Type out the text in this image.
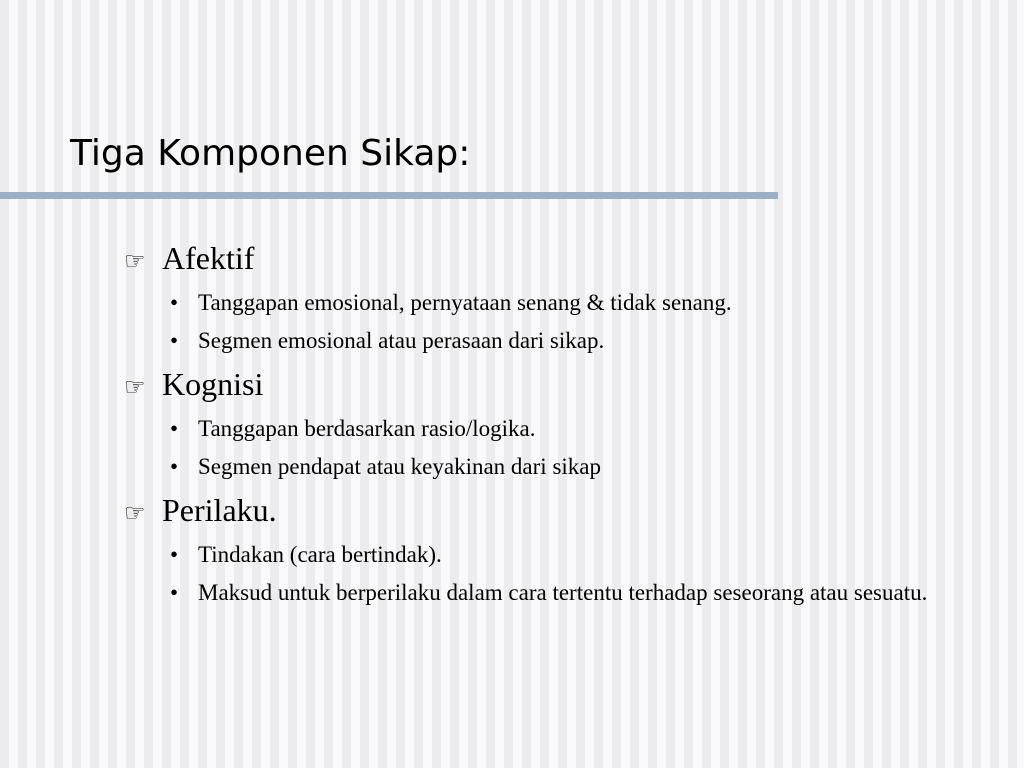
Tiga Komponen Sikap:
☞ Afektif
• Tanggapan emosional, pernyataan senang & tidak senang.
• Segmen emosional atau perasaan dari sikap.
☞ Kognisi
• Tanggapan berdasarkan rasio/logika.
• Segmen pendapat atau keyakinan dari sikap
☞ Perilaku.
• Tindakan (cara bertindak).
• Maksud untuk berperilaku dalam cara tertentu terhadap seseorang atau sesuatu.
